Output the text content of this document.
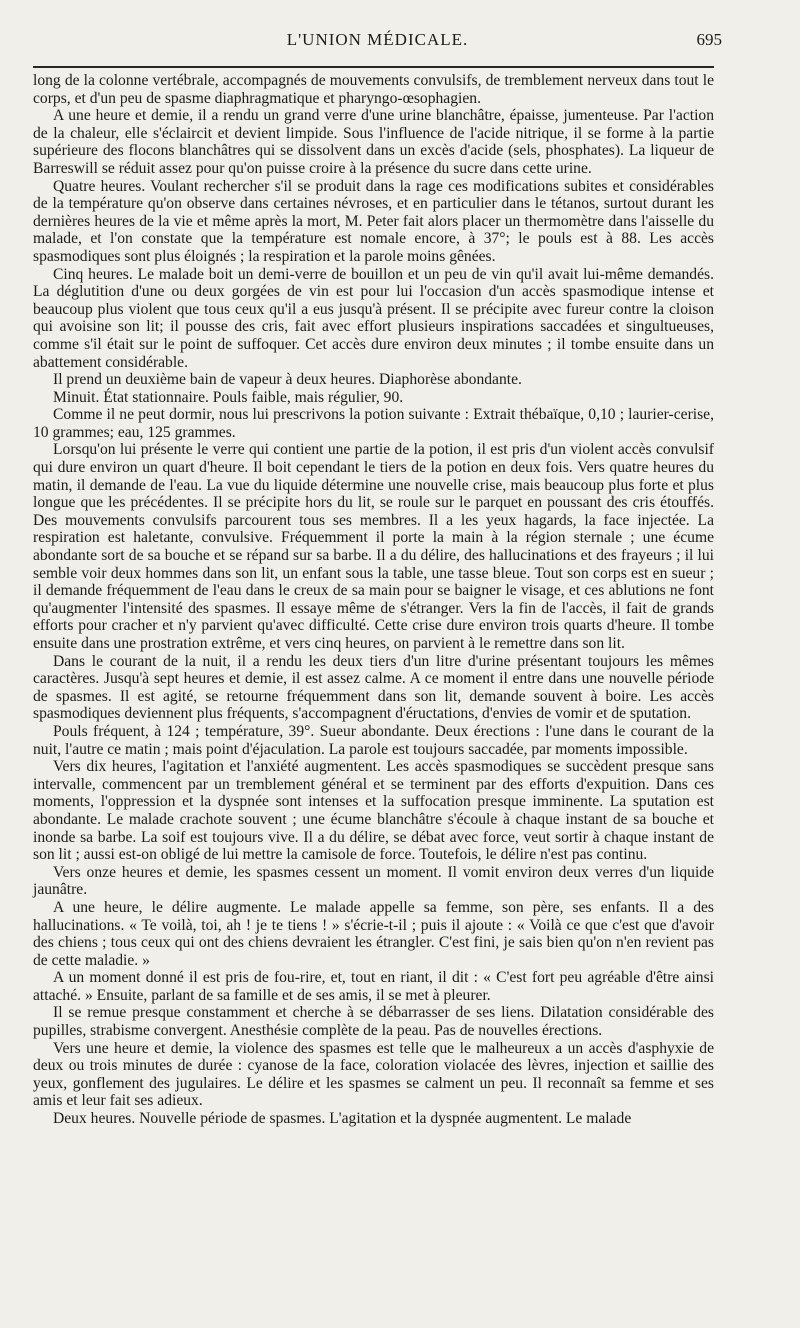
L'UNION MÉDICALE.	695

long de la colonne vertébrale, accompagnés de mouvements convulsifs, de tremblement nerveux dans tout le corps, et d'un peu de spasme diaphragmatique et pharyngo-œsophagien.

A une heure et demie, il a rendu un grand verre d'une urine blanchâtre, épaisse, jumenteuse. Par l'action de la chaleur, elle s'éclaircit et devient limpide. Sous l'influence de l'acide nitrique, il se forme à la partie supérieure des flocons blanchâtres qui se dissolvent dans un excès d'acide (sels, phosphates). La liqueur de Barreswill se réduit assez pour qu'on puisse croire à la présence du sucre dans cette urine.

Quatre heures. Voulant rechercher s'il se produit dans la rage ces modifications subites et considérables de la température qu'on observe dans certaines névroses, et en particulier dans le tétanos, surtout durant les dernières heures de la vie et même après la mort, M. Peter fait alors placer un thermomètre dans l'aisselle du malade, et l'on constate que la température est nomale encore, à 37°; le pouls est à 88. Les accès spasmodiques sont plus éloignés ; la respiration et la parole moins gênées.

Cinq heures. Le malade boit un demi-verre de bouillon et un peu de vin qu'il avait lui-même demandés. La déglutition d'une ou deux gorgées de vin est pour lui l'occasion d'un accès spasmodique intense et beaucoup plus violent que tous ceux qu'il a eus jusqu'à présent. Il se précipite avec fureur contre la cloison qui avoisine son lit; il pousse des cris, fait avec effort plusieurs inspirations saccadées et singultueuses, comme s'il était sur le point de suffoquer. Cet accès dure environ deux minutes ; il tombe ensuite dans un abattement considérable.

Il prend un deuxième bain de vapeur à deux heures. Diaphorèse abondante.

Minuit. État stationnaire. Pouls faible, mais régulier, 90.

Comme il ne peut dormir, nous lui prescrivons la potion suivante : Extrait thébaïque, 0,10 ; laurier-cerise, 10 grammes; eau, 125 grammes.

Lorsqu'on lui présente le verre qui contient une partie de la potion, il est pris d'un violent accès convulsif qui dure environ un quart d'heure. Il boit cependant le tiers de la potion en deux fois. Vers quatre heures du matin, il demande de l'eau. La vue du liquide détermine une nouvelle crise, mais beaucoup plus forte et plus longue que les précédentes. Il se précipite hors du lit, se roule sur le parquet en poussant des cris étouffés. Des mouvements convulsifs parcourent tous ses membres. Il a les yeux hagards, la face injectée. La respiration est haletante, convulsive. Fréquemment il porte la main à la région sternale ; une écume abondante sort de sa bouche et se répand sur sa barbe. Il a du délire, des hallucinations et des frayeurs ; il lui semble voir deux hommes dans son lit, un enfant sous la table, une tasse bleue. Tout son corps est en sueur ; il demande fréquemment de l'eau dans le creux de sa main pour se baigner le visage, et ces ablutions ne font qu'augmenter l'intensité des spasmes. Il essaye même de s'étranger. Vers la fin de l'accès, il fait de grands efforts pour cracher et n'y parvient qu'avec difficulté. Cette crise dure environ trois quarts d'heure. Il tombe ensuite dans une prostration extrême, et vers cinq heures, on parvient à le remettre dans son lit.

Dans le courant de la nuit, il a rendu les deux tiers d'un litre d'urine présentant toujours les mêmes caractères. Jusqu'à sept heures et demie, il est assez calme. A ce moment il entre dans une nouvelle période de spasmes. Il est agité, se retourne fréquemment dans son lit, demande souvent à boire. Les accès spasmodiques deviennent plus fréquents, s'accompagnent d'éructations, d'envies de vomir et de sputation.

Pouls fréquent, à 124 ; température, 39°. Sueur abondante. Deux érections : l'une dans le courant de la nuit, l'autre ce matin ; mais point d'éjaculation. La parole est toujours saccadée, par moments impossible.

Vers dix heures, l'agitation et l'anxiété augmentent. Les accès spasmodiques se succèdent presque sans intervalle, commencent par un tremblement général et se terminent par des efforts d'expuition. Dans ces moments, l'oppression et la dyspnée sont intenses et la suffocation presque imminente. La sputation est abondante. Le malade crachote souvent ; une écume blanchâtre s'écoule à chaque instant de sa bouche et inonde sa barbe. La soif est toujours vive. Il a du délire, se débat avec force, veut sortir à chaque instant de son lit ; aussi est-on obligé de lui mettre la camisole de force. Toutefois, le délire n'est pas continu.

Vers onze heures et demie, les spasmes cessent un moment. Il vomit environ deux verres d'un liquide jaunâtre.

A une heure, le délire augmente. Le malade appelle sa femme, son père, ses enfants. Il a des hallucinations. « Te voilà, toi, ah ! je te tiens ! » s'écrie-t-il ; puis il ajoute : « Voilà ce que c'est que d'avoir des chiens ; tous ceux qui ont des chiens devraient les étrangler. C'est fini, je sais bien qu'on n'en revient pas de cette maladie. »

A un moment donné il est pris de fou-rire, et, tout en riant, il dit : « C'est fort peu agréable d'être ainsi attaché. » Ensuite, parlant de sa famille et de ses amis, il se met à pleurer.

Il se remue presque constamment et cherche à se débarrasser de ses liens. Dilatation considérable des pupilles, strabisme convergent. Anesthésie complète de la peau. Pas de nouvelles érections.

Vers une heure et demie, la violence des spasmes est telle que le malheureux a un accès d'asphyxie de deux ou trois minutes de durée : cyanose de la face, coloration violacée des lèvres, injection et saillie des yeux, gonflement des jugulaires. Le délire et les spasmes se calment un peu. Il reconnaît sa femme et ses amis et leur fait ses adieux.

Deux heures. Nouvelle période de spasmes. L'agitation et la dyspnée augmentent. Le malade
